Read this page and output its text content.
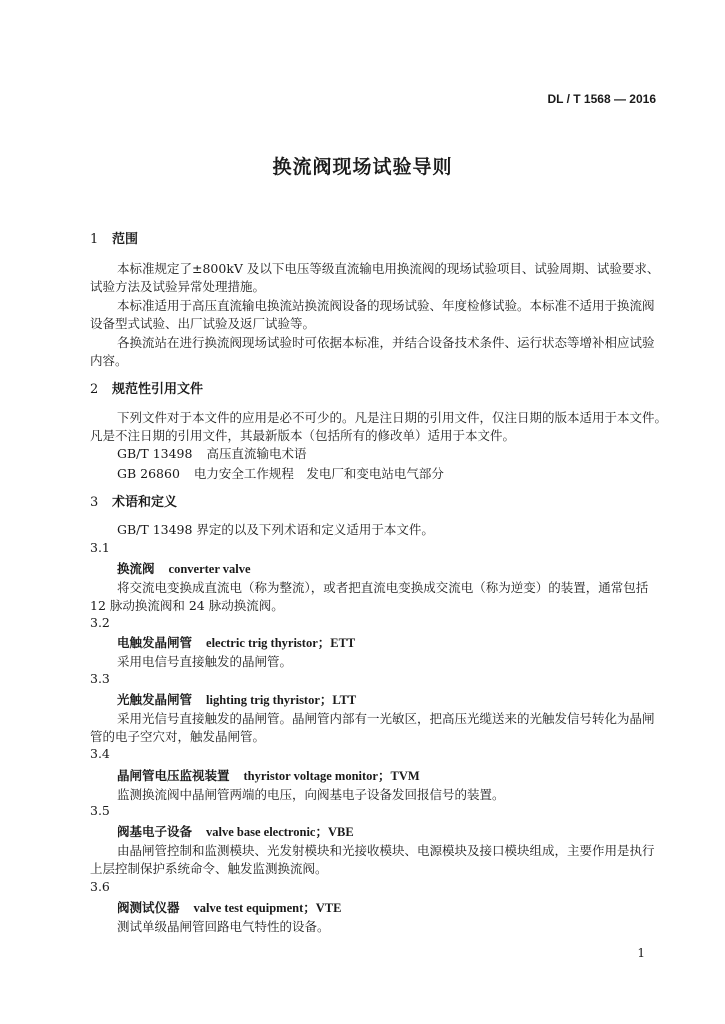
DL / T 1568 — 2016
换流阀现场试验导则
1 范围
本标准规定了±800kV 及以下电压等级直流输电用换流阀的现场试验项目、试验周期、试验要求、
试验方法及试验异常处理措施。
本标准适用于高压直流输电换流站换流阀设备的现场试验、年度检修试验。本标准不适用于换流阀
设备型式试验、出厂试验及返厂试验等。
各换流站在进行换流阀现场试验时可依据本标准，并结合设备技术条件、运行状态等增补相应试验
内容。
2 规范性引用文件
下列文件对于本文件的应用是必不可少的。凡是注日期的引用文件，仅注日期的版本适用于本文件。
凡是不注日期的引用文件，其最新版本（包括所有的修改单）适用于本文件。
GB/T 13498 高压直流输电术语
GB 26860 电力安全工作规程　发电厂和变电站电气部分
3 术语和定义
GB/T 13498 界定的以及下列术语和定义适用于本文件。
3.1
换流阀 converter valve
将交流电变换成直流电（称为整流），或者把直流电变换成交流电（称为逆变）的装置，通常包括
12 脉动换流阀和 24 脉动换流阀。
3.2
电触发晶闸管 electric trig thyristor；ETT
采用电信号直接触发的晶闸管。
3.3
光触发晶闸管 lighting trig thyristor；LTT
采用光信号直接触发的晶闸管。晶闸管内部有一光敏区，把高压光缆送来的光触发信号转化为晶闸
管的电子空穴对，触发晶闸管。
3.4
晶闸管电压监视装置 thyristor voltage monitor；TVM
监测换流阀中晶闸管两端的电压，向阀基电子设备发回报信号的装置。
3.5
阀基电子设备 valve base electronic；VBE
由晶闸管控制和监测模块、光发射模块和光接收模块、电源模块及接口模块组成，主要作用是执行
上层控制保护系统命令、触发监测换流阀。
3.6
阀测试仪器 valve test equipment；VTE
测试单级晶闸管回路电气特性的设备。
1
